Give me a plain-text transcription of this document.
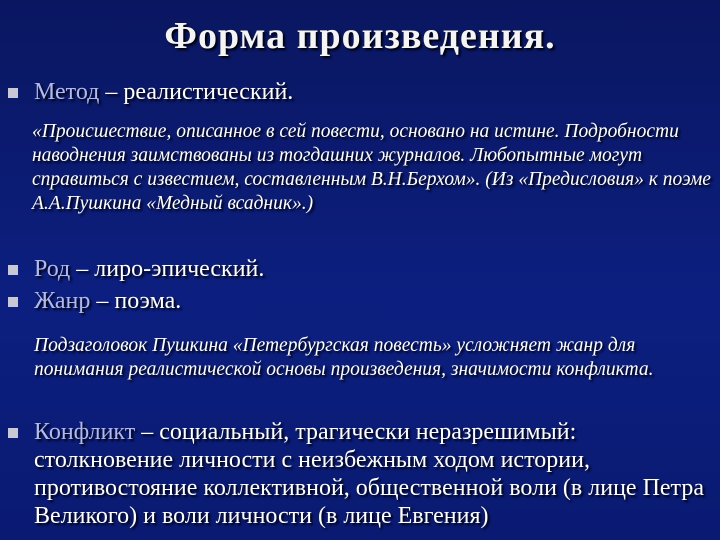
Форма произведения.
Метод – реалистический.
«Происшествие, описанное в сей повести, основано на истине. Подробности наводнения заимствованы из тогдашних журналов. Любопытные могут справиться с известием, составленным В.Н.Берхом». (Из «Предисловия» к поэме А.А.Пушкина «Медный всадник».)
Род – лиро-эпический.
Жанр – поэма.
Подзаголовок Пушкина «Петербургская повесть» усложняет жанр для понимания реалистической основы произведения, значимости конфликта.
Конфликт – социальный, трагически неразрешимый: столкновение личности с неизбежным ходом истории, противостояние коллективной, общественной воли (в лице Петра Великого) и воли личности (в лице Евгения)
